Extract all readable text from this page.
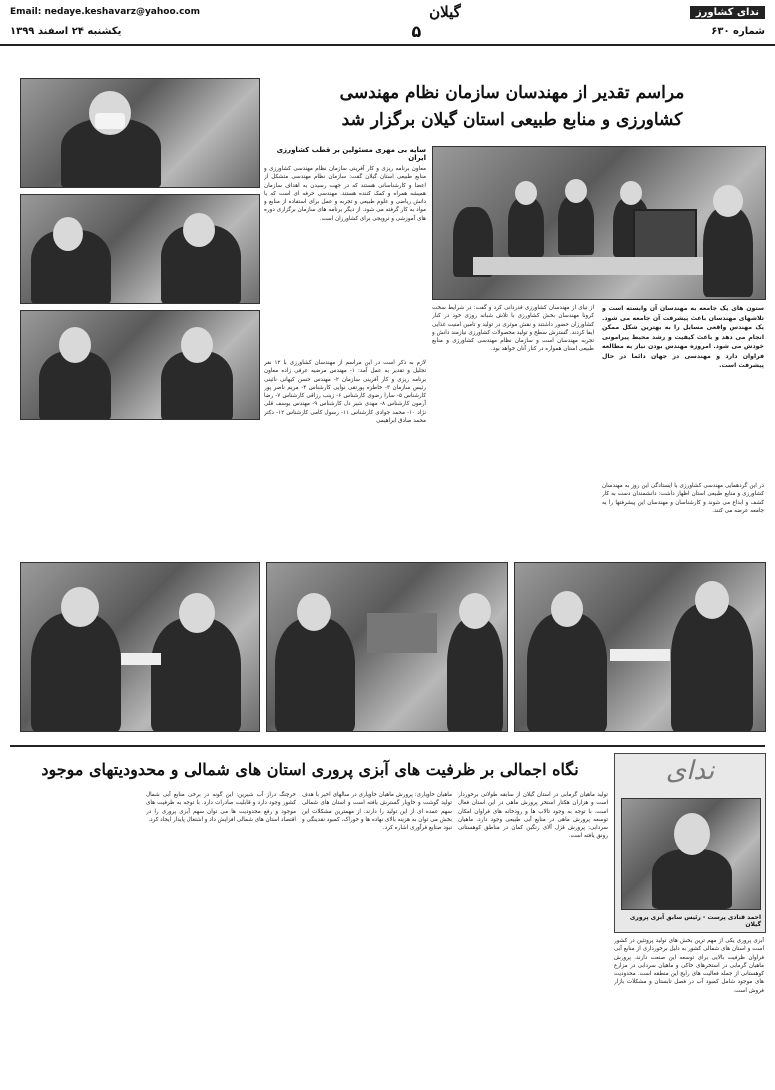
Email: nedaye.keshavarz@yahoo.com	گیلان	ندای کشاورز
یکشنبه ۲۴ اسفند ۱۳۹۹	۵	شماره ۶۳۰
مراسم تقدیر از مهندسان سازمان نظام مهندسی
کشاورزی و منابع طبیعی استان گیلان برگزار شد
سایه بی مهری مسئولین بر قطب کشاورزی ایران
معاون برنامه ریزی و کار آفرینی سازمان نظام مهندسی کشاورزی و منابع طبیعی استان گیلان گفت: سازمان نظام مهندسی متشکل از اعضا و کارشناسانی هستند که در جهت رسیدن به اهداف سازمان همیشه همراه و کمک کننده هستند. مهندسی حرفه ای است که با دانش ریاضی و علوم طبیعی و تجربه و عمل برای استفاده از منابع و مواد به کار گرفته می شود. از دیگر برنامه های سازمان برگزاری دوره های آموزشی و ترویجی برای کشاورزان است.
لازم به ذکر است در این مراسم از مهندسان کشاورزی با ۱۲ نفر تجلیل و تقدیر به عمل آمد: ۱- مهندس مرضیه عرفی زاده معاون برنامه ریزی و کار آفرینی سازمان ۲- مهندس حسن کیهانی نائینی رئیس سازمان ۳- خاطره پورتقی نوایی کارشناس ۴- مریم ناصر پور کارشناس ۵- سارا رضوی کارشناس ۶- زینب رزاقی کارشناس ۷- رضا آرمون کارشناس ۸- مهدی شیر دل کارشناس ۹- مهندس یوسف قلی نژاد ۱۰- محمد جوادی کارشناس ۱۱- رسول کامی کارشناس ۱۲- دکتر محمد صادق ابراهیمی
از نیای از مهندسان کشاورزی قدردانی کرد و گفت: در شرایط سخت کرونا مهندسان بخش کشاورزی با تلاش شبانه روزی خود در کنار کشاورزان حضور داشتند و نقش موثری در تولید و تامین امنیت غذایی ایفا کردند. گسترش سطح و تولید محصولات کشاورزی نیازمند دانش و تجربه مهندسان است و سازمان نظام مهندسی کشاورزی و منابع طبیعی استان همواره در کنار آنان خواهد بود.
ستون های یک جامعه به مهندسان آن وابسته است و تلاشهای مهندسان باعث پیشرفت آن جامعه می شود. یک مهندس واقعی مسایل را به بهترین شکل ممکن انجام می دهد و باعث کیفیت و رشد محیط پیرامونی خودش می شود. امروزه مهندس بودن نیاز به مطالعه فراوان دارد و مهندسی در جهان دائما در حال پیشرفت است.
در این گردهمایی مهندسی کشاورزی با ایستادگی این روز به مهندسان کشاورزی و منابع طبیعی استان اظهار داشت: دانشمندان دست به کار کشف و ابداع می شوند و کارشناسان و مهندسان این پیشرفتها را به جامعه عرضه می کنند.
نگاه اجمالی بر ظرفیت های آبزی پروری استان های شمالی و محدودیتهای موجود	ندای
احمد قنادی پرست - رئیس سابق آبزی پروری گیلان
آبزی پروری یکی از مهم ترین بخش های تولید پروتئین در کشور است و استان های شمالی کشور به دلیل برخورداری از منابع آبی فراوان ظرفیت بالایی برای توسعه این صنعت دارند. پرورش ماهیان گرمابی در استخرهای خاکی و ماهیان سردابی در مزارع کوهستانی از جمله فعالیت های رایج این منطقه است. محدودیت های موجود شامل کمبود آب در فصل تابستان و مشکلات بازار فروش است.
تولید ماهیان گرمابی در استان گیلان از سابقه طولانی برخوردار است و هزاران هکتار استخر پرورش ماهی در این استان فعال است. با توجه به وجود تالاب ها و رودخانه های فراوان امکان توسعه پرورش ماهی در منابع آبی طبیعی وجود دارد. ماهیان سردابی: پرورش قزل آلای رنگین کمان در مناطق کوهستانی رونق یافته است.
ماهیان خاویاری: پرورش ماهیان خاویاری در سالهای اخیر با هدف تولید گوشت و خاویار گسترش یافته است و استان های شمالی سهم عمده ای از این تولید را دارند. از مهمترین مشکلات این بخش می توان به هزینه بالای نهاده ها و خوراک، کمبود نقدینگی و نبود صنایع فرآوری اشاره کرد.
خرچنگ دراز آب شیرین: این گونه در برخی منابع آبی شمال کشور وجود دارد و قابلیت صادرات دارد. با توجه به ظرفیت های موجود و رفع محدودیت ها می توان سهم آبزی پروری را در اقتصاد استان های شمالی افزایش داد و اشتغال پایدار ایجاد کرد.
